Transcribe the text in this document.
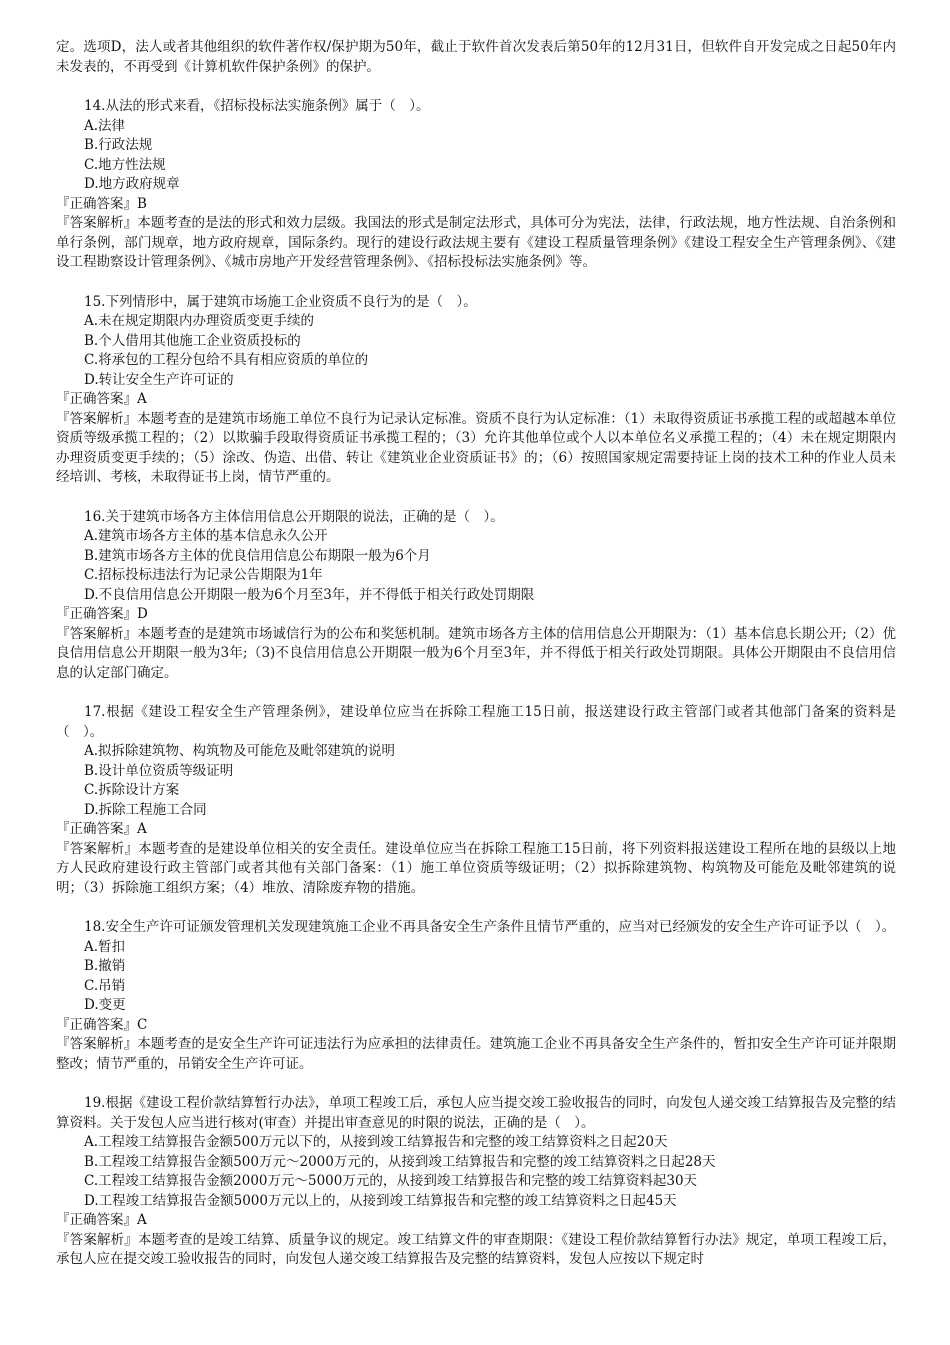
定。选项D，法人或者其他组织的软件著作权/保护期为50年，截止于软件首次发表后第50年的12月31日，但软件自开发完成之日起50年内未发表的，不再受到《计算机软件保护条例》的保护。

14.从法的形式来看，《招标投标法实施条例》属于（　）。

A.法律

B.行政法规

C.地方性法规

D.地方政府规章

『正确答案』B

『答案解析』本题考查的是法的形式和效力层级。我国法的形式是制定法形式，具体可分为宪法，法律，行政法规，地方性法规、自治条例和单行条例，部门规章，地方政府规章，国际条约。现行的建设行政法规主要有《建设工程质量管理条例》《建设工程安全生产管理条例》、《建设工程勘察设计管理条例》、《城市房地产开发经营管理条例》、《招标投标法实施条例》等。

15.下列情形中，属于建筑市场施工企业资质不良行为的是（　）。

A.未在规定期限内办理资质变更手续的

B.个人借用其他施工企业资质投标的

C.将承包的工程分包给不具有相应资质的单位的

D.转让安全生产许可证的

『正确答案』A

『答案解析』本题考查的是建筑市场施工单位不良行为记录认定标准。资质不良行为认定标准：（1）未取得资质证书承揽工程的或超越本单位资质等级承揽工程的；（2）以欺骗手段取得资质证书承揽工程的；（3）允许其他单位或个人以本单位名义承揽工程的；（4）未在规定期限内办理资质变更手续的；（5）涂改、伪造、出借、转让《建筑业企业资质证书》的；（6）按照国家规定需要持证上岗的技术工种的作业人员未经培训、考核，未取得证书上岗，情节严重的。

16.关于建筑市场各方主体信用信息公开期限的说法，正确的是（　）。

A.建筑市场各方主体的基本信息永久公开

B.建筑市场各方主体的优良信用信息公布期限一般为6个月

C.招标投标违法行为记录公告期限为1年

D.不良信用信息公开期限一般为6个月至3年，并不得低于相关行政处罚期限

『正确答案』D

『答案解析』本题考查的是建筑市场诚信行为的公布和奖惩机制。建筑市场各方主体的信用信息公开期限为：（1）基本信息长期公开;（2）优良信用信息公开期限一般为3年;（3)不良信用信息公开期限一般为6个月至3年，并不得低于相关行政处罚期限。具体公开期限由不良信用信息的认定部门确定。

17.根据《建设工程安全生产管理条例》，建设单位应当在拆除工程施工15日前，报送建设行政主管部门或者其他部门备案的资料是（　）。

A.拟拆除建筑物、构筑物及可能危及毗邻建筑的说明

B.设计单位资质等级证明

C.拆除设计方案

D.拆除工程施工合同

『正确答案』A

『答案解析』本题考查的是建设单位相关的安全责任。建设单位应当在拆除工程施工15日前，将下列资料报送建设工程所在地的县级以上地方人民政府建设行政主管部门或者其他有关部门备案：（1）施工单位资质等级证明；（2）拟拆除建筑物、构筑物及可能危及毗邻建筑的说明；（3）拆除施工组织方案；（4）堆放、清除废弃物的措施。

18.安全生产许可证颁发管理机关发现建筑施工企业不再具备安全生产条件且情节严重的，应当对已经颁发的安全生产许可证予以（　）。

A.暂扣

B.撤销

C.吊销

D.变更

『正确答案』C

『答案解析』本题考查的是安全生产许可证违法行为应承担的法律责任。建筑施工企业不再具备安全生产条件的，暂扣安全生产许可证并限期整改；情节严重的，吊销安全生产许可证。

19.根据《建设工程价款结算暂行办法》，单项工程竣工后，承包人应当提交竣工验收报告的同时，向发包人递交竣工结算报告及完整的结算资料。关于发包人应当进行核对(审查）并提出审查意见的时限的说法，正确的是（　）。

A.工程竣工结算报告金额500万元以下的，从接到竣工结算报告和完整的竣工结算资料之日起20天

B.工程竣工结算报告金额500万元～2000万元的，从接到竣工结算报告和完整的竣工结算资料之日起28天

C.工程竣工结算报告金额2000万元～5000万元的，从接到竣工结算报告和完整的竣工结算资料起30天

D.工程竣工结算报告金额5000万元以上的，从接到竣工结算报告和完整的竣工结算资料之日起45天

『正确答案』A

『答案解析』本题考查的是竣工结算、质量争议的规定。竣工结算文件的审查期限：《建设工程价款结算暂行办法》规定，单项工程竣工后，承包人应在提交竣工验收报告的同时，向发包人递交竣工结算报告及完整的结算资料，发包人应按以下规定时
